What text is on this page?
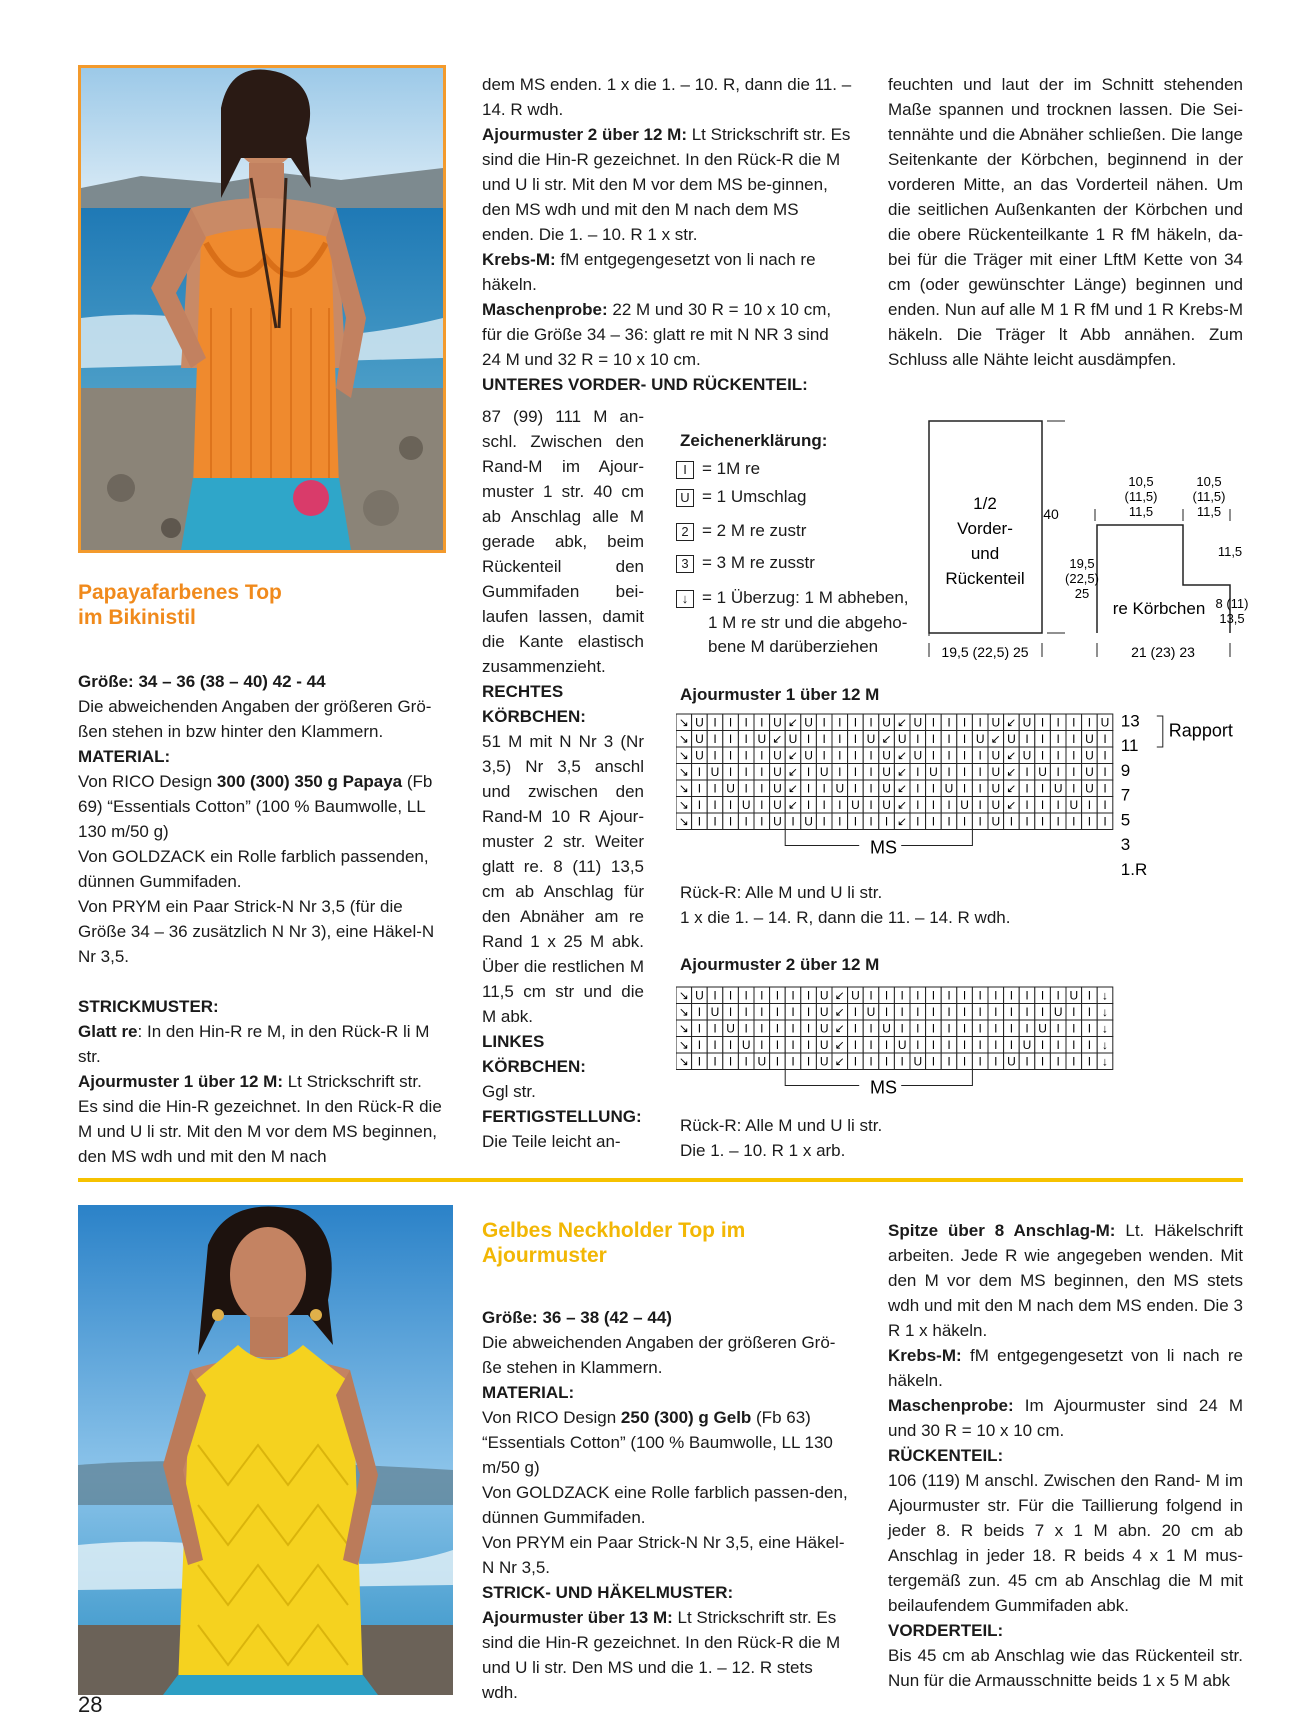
Papayafarbenes Top
im Bikinistil

Größe: 34 – 36 (38 – 40) 42 - 44

Die abweichenden Angaben der größeren Grö-ßen stehen in bzw hinter den Klammern.

MATERIAL:

Von RICO Design 300 (300) 350 g Papaya (Fb 69) “Essentials Cotton” (100 % Baumwolle, LL 130 m/50 g)

Von GOLDZACK ein Rolle farblich passenden, dünnen Gummifaden.

Von PRYM ein Paar Strick-N Nr 3,5 (für die Größe 34 – 36 zusätzlich N Nr 3), eine Häkel-N Nr 3,5.

STRICKMUSTER:

Glatt re: In den Hin-R re M, in den Rück-R li M str.

Ajourmuster 1 über 12 M: Lt Strickschrift str. Es sind die Hin-R gezeichnet. In den Rück-R die M und U li str. Mit den M vor dem MS beginnen, den MS wdh und mit den M nach

dem MS enden. 1 x die 1. – 10. R, dann die 11. – 14. R wdh.

Ajourmuster 2 über 12 M: Lt Strickschrift str. Es sind die Hin-R gezeichnet. In den Rück-R die M und U li str. Mit den M vor dem MS be-ginnen, den MS wdh und mit den M nach dem MS enden. Die 1. – 10. R 1 x str.

Krebs-M: fM entgegengesetzt von li nach re häkeln.

Maschenprobe: 22 M und 30 R = 10 x 10 cm, für die Größe 34 – 36: glatt re mit N NR 3 sind 24 M und 32 R = 10 x 10 cm.

UNTERES VORDER- UND RÜCKENTEIL:

87 (99) 111 M an-schl. Zwischen den Rand-M im Ajour-muster 1 str. 40 cm ab Anschlag alle M gerade abk, beim Rückenteil den Gummifaden bei-laufen lassen, damit die Kante elastisch zusammenzieht.

RECHTES KÖRBCHEN:

51 M mit N Nr 3 (Nr 3,5) Nr 3,5 anschl und zwischen den Rand-M 10 R Ajour-muster 2 str. Weiter glatt re. 8 (11) 13,5 cm ab Anschlag für den Abnäher am re Rand 1 x 25 M abk. Über die restlichen M 11,5 cm str und die M abk.

LINKES KÖRBCHEN:

Ggl str.

FERTIGSTELLUNG:

Die Teile leicht an-

feuchten und laut der im Schnitt stehenden Maße spannen und trocknen lassen. Die Sei-tennähte und die Abnäher schließen. Die lange Seitenkante der Körbchen, beginnend in der vorderen Mitte, an das Vorderteil nähen. Um die seitlichen Außenkanten der Körbchen und die obere Rückenteilkante 1 R fM häkeln, da-bei für die Träger mit einer LftM Kette von 34 cm (oder gewünschter Länge) beginnen und enden. Nun auf alle M 1 R fM und 1 R Krebs-M häkeln. Die Träger lt Abb annähen. Zum Schluss alle Nähte leicht ausdämpfen.

Zeichenerklärung:
I = 1M re
U = 1 Umschlag
2 = 2 M re zustr
3 = 3 M re zusstr
↓ = 1 Überzug: 1 M abheben,
1 M re str und die abgeho-
bene M darüberziehen
1/2
Vorder-
und
Rückenteil
40
19,5 (22,5) 25
10,5
(11,5)
11,5
10,5
(11,5)
11,5
11,5
19,5
(22,5)
25
re Körbchen 8 (11)
13,5
21 (23) 23
Ajourmuster 1 über 12 M
↘ U I I I I U ↙ U I I I I U ↙ U I I I I U ↙ U I I I I U
↘ U I I I U ↙ U I I I I U ↙ U I I I I U ↙ U I I I I U I
↘ U I I I I U ↙ U I I I I U ↙ U I I I I U ↙ U I I I U I
↘ I U I I I U ↙ I U I I I U ↙ I U I I I U ↙ I U I I U I
↘ I I U I I U ↙ I I U I I U ↙ I I U I I U ↙ I I U I U I
↘ I I I U I U ↙ I I I U I U ↙ I I I U I U ↙ I I I U I I
↘ I I I I I U I U I I I I I ↙ I I I I I U I I I I I I I
MS
13
11
9
7
5
3
1.R
Rapport
Rück-R: Alle M und U li str.
1 x die 1. – 14. R, dann die 11. – 14. R wdh.
Ajourmuster 2 über 12 M
↘ U I I I I I I I U ↙ U I I I I I I I I I I I I I U I ↓
↘ I U I I I I I I U ↙ I U I I I I I I I I I I I U I I ↓
↘ I I U I I I I I U ↙ I I U I I I I I I I I I U I I I ↓
↘ I I I U I I I I U ↙ I I I U I I I I I I I U I I I I ↓
↘ I I I I U I I I U ↙ I I I I U I I I I I U I I I I I ↓
MS
Rück-R: Alle M und U li str.
Die 1. – 10. R 1 x arb.
Gelbes Neckholder Top im
Ajourmuster

Größe: 36 – 38 (42 – 44)

Die abweichenden Angaben der größeren Grö-ße stehen in Klammern.

MATERIAL:

Von RICO Design 250 (300) g Gelb (Fb 63) “Essentials Cotton” (100 % Baumwolle, LL 130 m/50 g)

Von GOLDZACK eine Rolle farblich passen-den, dünnen Gummifaden.

Von PRYM ein Paar Strick-N Nr 3,5, eine Häkel-N Nr 3,5.

STRICK- UND HÄKELMUSTER:

Ajourmuster über 13 M: Lt Strickschrift str. Es sind die Hin-R gezeichnet. In den Rück-R die M und U li str. Den MS und die 1. – 12. R stets wdh.

Spitze über 8 Anschlag-M: Lt. Häkelschrift arbeiten. Jede R wie angegeben wenden. Mit den M vor dem MS beginnen, den MS stets wdh und mit den M nach dem MS enden. Die 3 R 1 x häkeln.

Krebs-M: fM entgegengesetzt von li nach re häkeln.

Maschenprobe: Im Ajourmuster sind 24 M und 30 R = 10 x 10 cm.

RÜCKENTEIL:

106 (119) M anschl. Zwischen den Rand- M im Ajourmuster str. Für die Taillierung folgend in jeder 8. R beids 7 x 1 M abn. 20 cm ab Anschlag in jeder 18. R beids 4 x 1 M mus-tergemäß zun. 45 cm ab Anschlag die M mit beilaufendem Gummifaden abk.

VORDERTEIL:

Bis 45 cm ab Anschlag wie das Rückenteil str. Nun für die Armausschnitte beids 1 x 5 M abk

28
